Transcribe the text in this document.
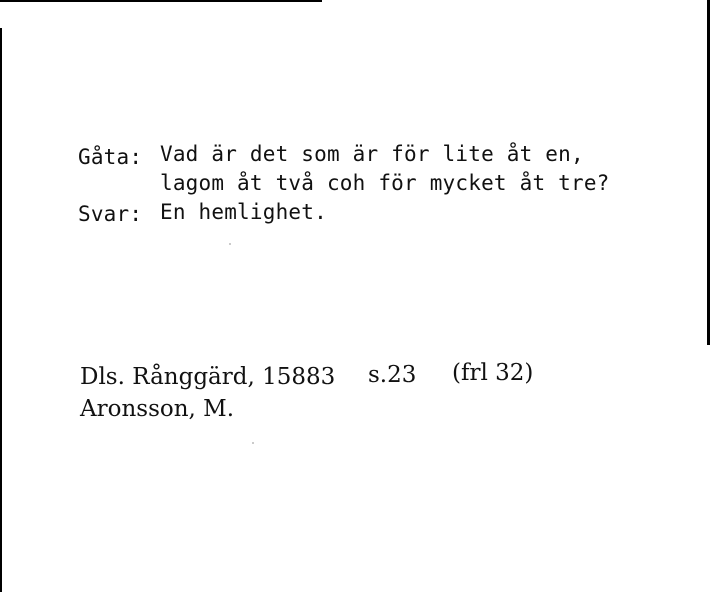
Gåta: Vad är det som är för lite åt en,
lagom åt två coh för mycket åt tre?
Svar: En hemlighet.
Dls. Rånggärd, 15883 s.23 (frl 32)
Aronsson, M.
